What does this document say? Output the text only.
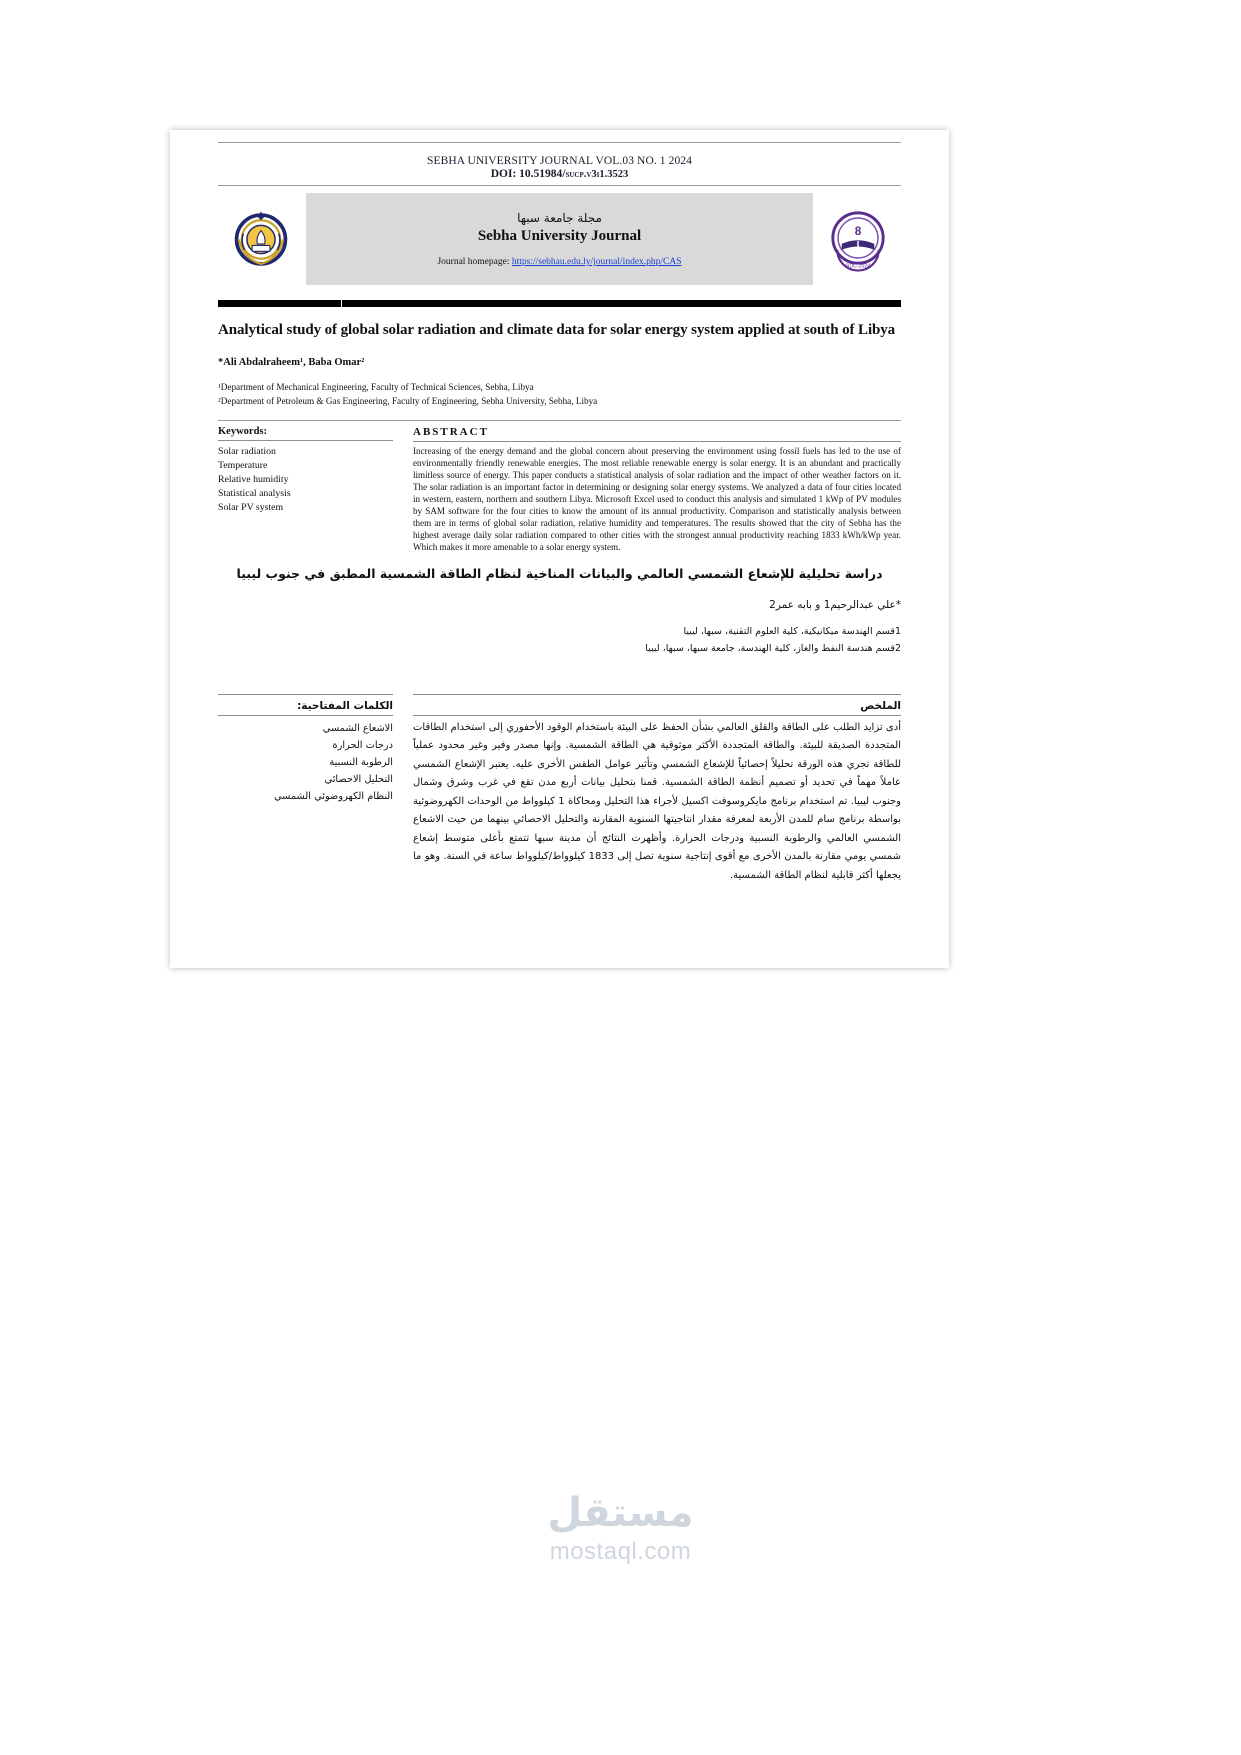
SEBHA UNIVERSITY JOURNAL VOL.03 NO. 1 2024
DOI: 10.51984/sucp.v3i1.3523
مجلة جامعة سبها
Sebha University Journal
Journal homepage: https://sebhau.edu.ly/journal/index.php/CAS
8
SUC-2024
Analytical study of global solar radiation and climate data for solar energy system applied at south of Libya
*Ali Abdalraheem¹, Baba Omar²
¹Department of Mechanical Engineering, Faculty of Technical Sciences, Sebha, Libya
²Department of Petroleum & Gas Engineering, Faculty of Engineering, Sebha University, Sebha, Libya
Keywords:
Solar radiation
Temperature
Relative humidity
Statistical analysis
Solar PV system
ABSTRACT
Increasing of the energy demand and the global concern about preserving the environment using fossil fuels has led to the use of environmentally friendly renewable energies. The most reliable renewable energy is solar energy. It is an abundant and practically limitless source of energy. This paper conducts a statistical analysis of solar radiation and the impact of other weather factors on it. The solar radiation is an important factor in determining or designing solar energy systems. We analyzed a data of four cities located in western, eastern, northern and southern Libya. Microsoft Excel used to conduct this analysis and simulated 1 kWp of PV modules by SAM software for the four cities to know the amount of its annual productivity. Comparison and statistically analysis between them are in terms of global solar radiation, relative humidity and temperatures. The results showed that the city of Sebha has the highest average daily solar radiation compared to other cities with the strongest annual productivity reaching 1833 kWh/kWp year. Which makes it more amenable to a solar energy system.
دراسة تحليلية للإشعاع الشمسي العالمي والبيانات المناخية لنظام الطاقة الشمسية المطبق في جنوب ليبيا
*علي عبدالرحيم1 و بابه عمر2
1قسم الهندسة ميكانيكية، كلية العلوم التقنية، سبها، ليبيا
2قسم هندسة النفط والغاز، كلية الهندسة، جامعة سبها، سبها، ليبيا
الكلمات المفتاحية:
الاشعاع الشمسي
درجات الحرارة
الرطوبة النسبية
التحليل الاحصائي
النظام الكهروضوئي الشمسي
الملخص
أدى تزايد الطلب على الطاقة والقلق العالمي بشأن الحفظ على البيئة باستخدام الوقود الأحفوري إلى استخدام الطاقات المتجددة الصديقة للبيئة. والطاقة المتجددة الأكثر موثوقية هي الطاقة الشمسية. وإنها مصدر وفير وغير محدود عملياً للطاقة تجري هذه الورقة تحليلاً إحصائياً للإشعاع الشمسي وتأثير عوامل الطقس الأخرى عليه. يعتبر الإشعاع الشمسي عاملاً مهماً في تحديد أو تصميم أنظمة الطاقة الشمسية. قمنا بتحليل بيانات أربع مدن تقع في غرب وشرق وشمال وجنوب ليبيا. تم استخدام برنامج مايكروسوفت اكسيل لأجراء هذا التحليل ومحاكاة 1 كيلوواط من الوحدات الكهروضوئية بواسطة برنامج سام للمدن الأربعة لمعرفة مقدار انتاجيتها السنوية المقارنة والتحليل الاحصائي بينهما من حيث الاشعاع الشمسي العالمي والرطوبة النسبية ودرجات الحرارة. وأظهرت النتائج أن مدينة سبها تتمتع بأعلى متوسط إشعاع شمسي يومي مقارنة بالمدن الأخرى مع أقوى إنتاجية سنوية تصل إلى 1833 كيلوواط/كيلوواط ساعة في السنة. وهو ما يجعلها أكثر قابلية لنظام الطاقة الشمسية.
مستقل
mostaql.com
